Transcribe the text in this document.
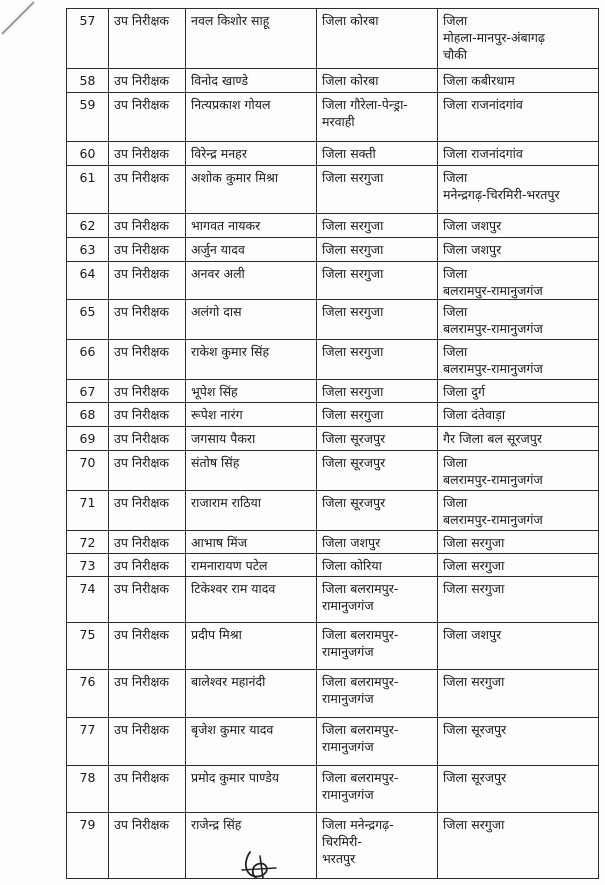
57	उप निरीक्षक	नवल किशोर साहू	जिला कोरबा	जिला
मोहला-मानपुर-अंबागढ़
चौकी
58	उप निरीक्षक	विनोद खाण्डे	जिला कोरबा	जिला कबीरधाम
59	उप निरीक्षक	नित्यप्रकाश गोयल	जिला गौरेला-पेन्ड्रा-
मरवाही	जिला राजनांदगांव
60	उप निरीक्षक	विरेन्द्र मनहर	जिला सक्ती	जिला राजनांदगांव
61	उप निरीक्षक	अशोक कुमार मिश्रा	जिला सरगुजा	जिला
मनेन्द्रगढ़-चिरमिरी-भरतपुर
62	उप निरीक्षक	भागवत नायकर	जिला सरगुजा	जिला जशपुर
63	उप निरीक्षक	अर्जुन यादव	जिला सरगुजा	जिला जशपुर
64	उप निरीक्षक	अनवर अली	जिला सरगुजा	जिला
बलरामपुर-रामानुजगंज
65	उप निरीक्षक	अलंगो दास	जिला सरगुजा	जिला
बलरामपुर-रामानुजगंज
66	उप निरीक्षक	राकेश कुमार सिंह	जिला सरगुजा	जिला
बलरामपुर-रामानुजगंज
67	उप निरीक्षक	भूपेश सिंह	जिला सरगुजा	जिला दुर्ग
68	उप निरीक्षक	रूपेश नारंग	जिला सरगुजा	जिला दंतेवाड़ा
69	उप निरीक्षक	जगसाय पैकरा	जिला सूरजपुर	गैर जिला बल सूरजपुर
70	उप निरीक्षक	संतोष सिंह	जिला सूरजपुर	जिला
बलरामपुर-रामानुजगंज
71	उप निरीक्षक	राजाराम राठिया	जिला सूरजपुर	जिला
बलरामपुर-रामानुजगंज
72	उप निरीक्षक	आभाष मिंज	जिला जशपुर	जिला सरगुजा
73	उप निरीक्षक	रामनारायण पटेल	जिला कोरिया	जिला सरगुजा
74	उप निरीक्षक	टिकेश्वर राम यादव	जिला बलरामपुर-
रामानुजगंज	जिला सरगुजा
75	उप निरीक्षक	प्रदीप मिश्रा	जिला बलरामपुर-
रामानुजगंज	जिला जशपुर
76	उप निरीक्षक	बालेश्वर महानंदी	जिला बलरामपुर-
रामानुजगंज	जिला सरगुजा
77	उप निरीक्षक	बृजेश कुमार यादव	जिला बलरामपुर-
रामानुजगंज	जिला सूरजपुर
78	उप निरीक्षक	प्रमोद कुमार पाण्डेय	जिला बलरामपुर-
रामानुजगंज	जिला सूरजपुर
79	उप निरीक्षक	राजेन्द्र सिंह	जिला मनेन्द्रगढ़-
चिरमिरी-
भरतपुर	जिला सरगुजा
